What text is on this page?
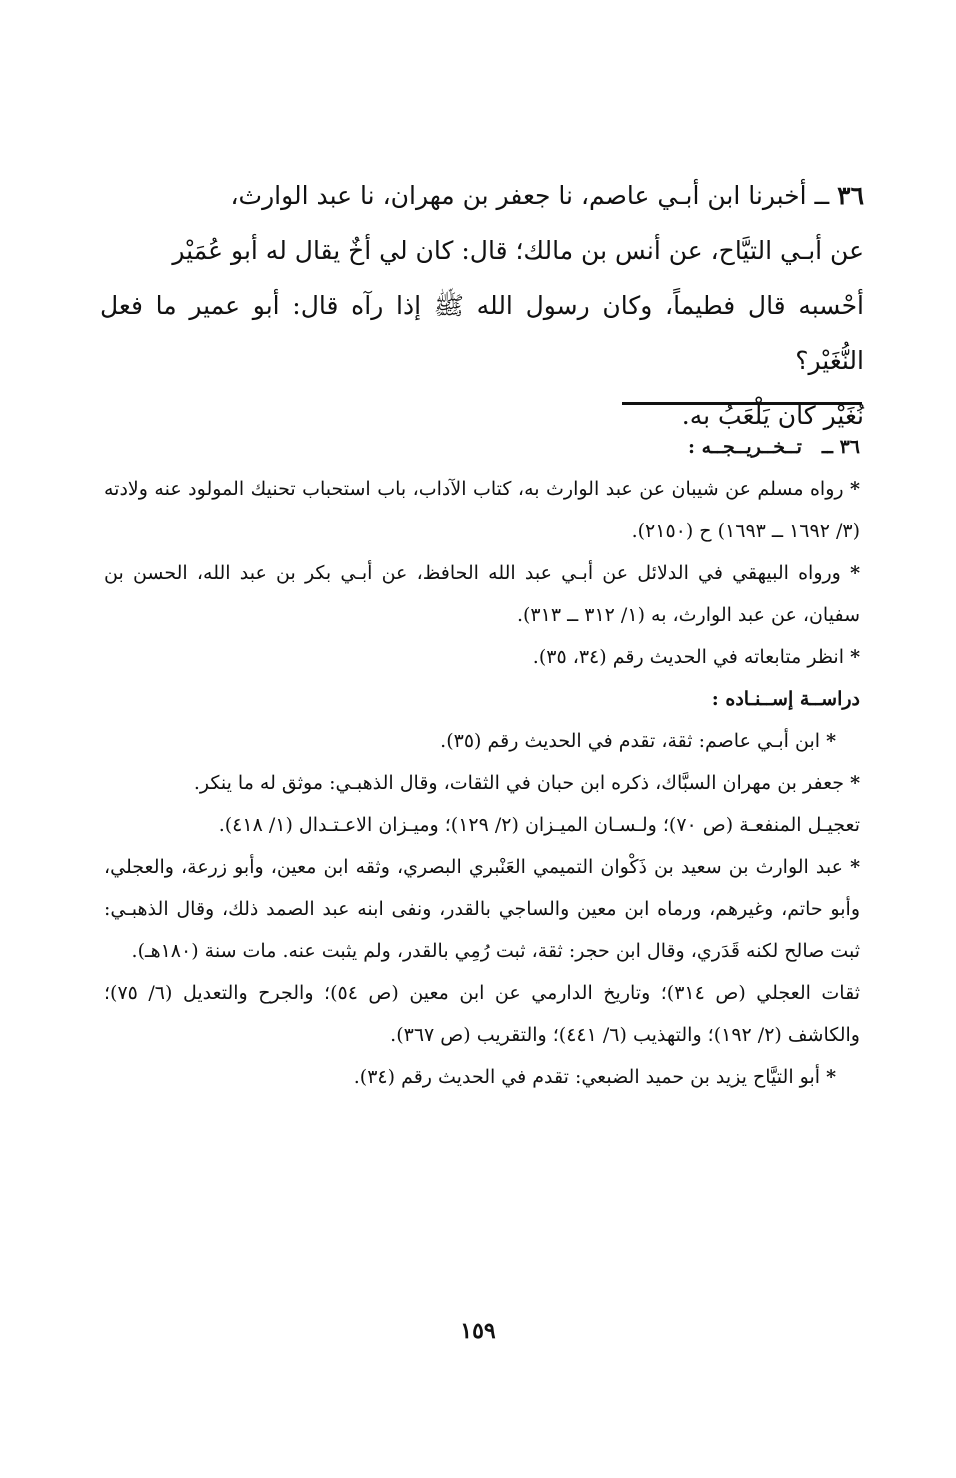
٣٦ ــ أخبرنا ابن أبـي عاصم، نا جعفر بن مهران، نا عبد الوارث،

عن أبـي التيَّاح، عن أنس بن مالك؛ قال: كان لي أخٌ يقال له أبو عُمَيْر

أحْسبه قال فطيماً، وكان رسول الله ﷺ إذا رآه قال: أبو عمير ما فعل النُّغَيْر؟

نُغَيْر كان يَلْعَبُ به.

٣٦ ــ   تــخــريــجــه :

* رواه مسلم عن شيبان عن عبد الوارث به، كتاب الآداب، باب استحباب تحنيك المولود عنه ولادته (٣/ ١٦٩٢ ــ ١٦٩٣) ح (٢١٥٠).

* ورواه البيهقي في الدلائل عن أبـي عبد الله الحافظ، عن أبـي بكر بن عبد الله، الحسن بن سفيان، عن عبد الوارث، به (١/ ٣١٢ ــ ٣١٣).

* انظر متابعاته في الحديث رقم (٣٤، ٣٥).

دراســة إســنـاده :

* ابن أبـي عاصم: ثقة، تقدم في الحديث رقم (٣٥).

* جعفر بن مهران السبَّاك، ذكره ابن حبان في الثقات، وقال الذهبـي: موثق له ما ينكر.

تعجيـل المنفعـة (ص ٧٠)؛ ولـسـان الميـزان (٢/ ١٢٩)؛ وميـزان الاعـتـدال (١/ ٤١٨).

* عبد الوارث بن سعيد بن ذَكْوان التميمي العَنْبري البصري، وثقه ابن معين، وأبو زرعة، والعجلي، وأبو حاتم، وغيرهم، ورماه ابن معين والساجي بالقدر، ونفى ابنه عبد الصمد ذلك، وقال الذهبـي: ثبت صالح لكنه قَدَري، وقال ابن حجر: ثقة، ثبت رُمِي بالقدر، ولم يثبت عنه. مات سنة (١٨٠هـ).

ثقات العجلي (ص ٣١٤)؛ وتاريخ الدارمي عن ابن معين (ص ٥٤)؛ والجرح والتعديل (٦/ ٧٥)؛ والكاشف (٢/ ١٩٢)؛ والتهذيب (٦/ ٤٤١)؛ والتقريب (ص ٣٦٧).

* أبو التيَّاح يزيد بن حميد الضبعي: تقدم في الحديث رقم (٣٤).

١٥٩
